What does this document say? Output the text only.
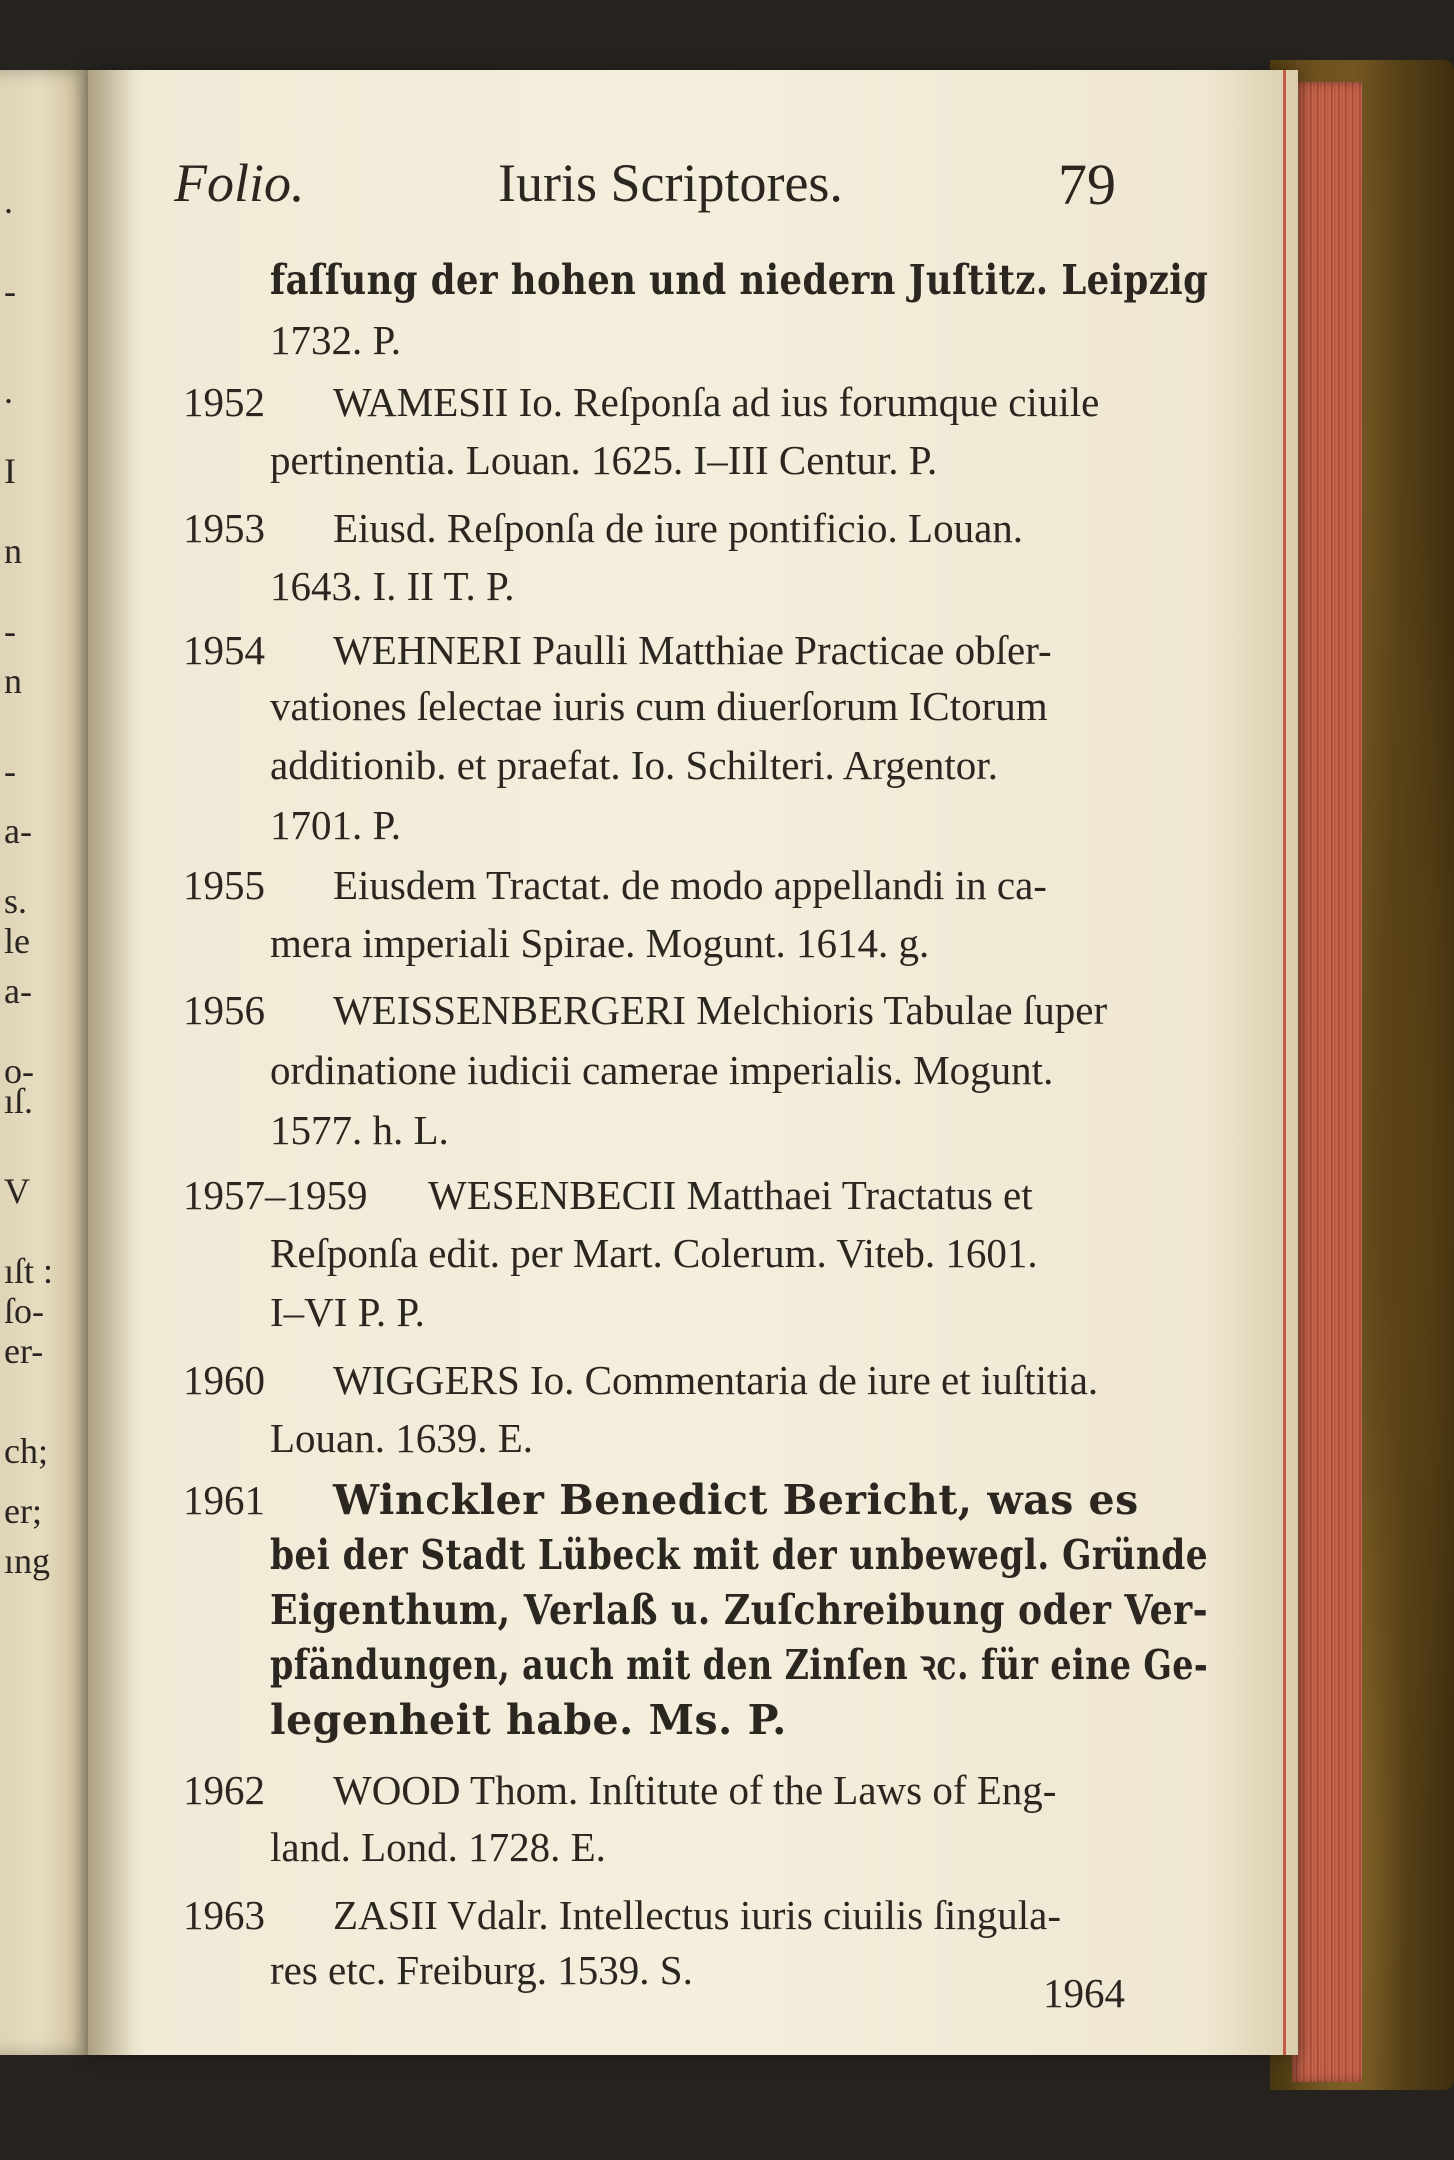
.
-
.
I
n
-
n
-
a-
s.
le
a-
o-
ıſ.
V
ıſt :
ſo-
er-
ch;
er;
ıng
Folio.	Iuris Scriptores.	79
faſſung der hohen und niedern Juſtitz. Leipzig
1732. P.
1952 WAMESII Io. Reſponſa ad ius forumque ciuile
pertinentia. Louan. 1625. I–III Centur. P.
1953 Eiusd. Reſponſa de iure pontificio. Louan.
1643. I. II T. P.
1954 WEHNERI Paulli Matthiae Practicae obſer-
vationes ſelectae iuris cum diuerſorum ICtorum
additionib. et praefat. Io. Schilteri. Argentor.
1701. P.
1955 Eiusdem Tractat. de modo appellandi in ca-
mera imperiali Spirae. Mogunt. 1614. g.
1956 WEISSENBERGERI Melchioris Tabulae ſuper
ordinatione iudicii camerae imperialis. Mogunt.
1577. h. L.
1957–1959 WESENBECII Matthaei Tractatus et
Reſponſa edit. per Mart. Colerum. Viteb. 1601.
I–VI P. P.
1960 WIGGERS Io. Commentaria de iure et iuſtitia.
Louan. 1639. E.
1961 Winckler Benedict Bericht, was es
bei der Stadt Lübeck mit der unbewegl. Gründe
Eigenthum, Verlaß u. Zuſchreibung oder Ver-
pfändungen, auch mit den Zinſen ꝛc. für eine Ge-
legenheit habe. Ms. P.
1962 WOOD Thom. Inſtitute of the Laws of Eng-
land. Lond. 1728. E.
1963 ZASII Vdalr. Intellectus iuris ciuilis ſingula-
res etc. Freiburg. 1539. S.	1964
